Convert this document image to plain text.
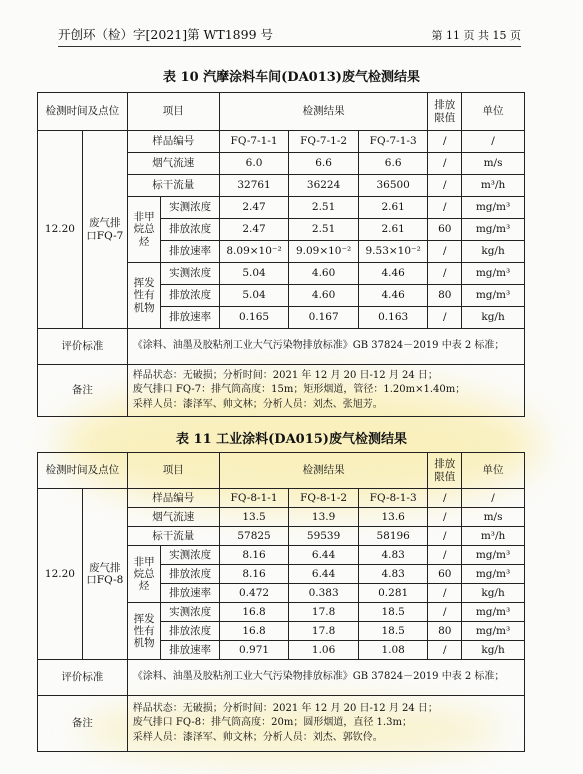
开创环（检）字[2021]第 WT1899 号	第 11 页 共 15 页
表 10 汽摩涂料车间(DA013)废气检测结果
检测时间及点位		项目		检测结果			排放限值	单位
12.20	废气排口FQ-7	样品编号		FQ-7-1-1	FQ-7-1-2	FQ-7-1-3	/	/
		烟气流速		6.0	6.6	6.6	/	m/s
		标干流量		32761	36224	36500	/	m³/h
		非甲烷总烃	实测浓度	2.47	2.51	2.61	/	mg/m³
			排放浓度	2.47	2.51	2.61	60	mg/m³
			排放速率	8.09×10⁻²	9.09×10⁻²	9.53×10⁻²	/	kg/h
		挥发性有机物	实测浓度	5.04	4.60	4.46	/	mg/m³
			排放浓度	5.04	4.60	4.46	80	mg/m³
			排放速率	0.165	0.167	0.163	/	kg/h
评价标准		《涂料、油墨及胶粘剂工业大气污染物排放标准》GB 37824－2019 中表 2 标准；						
备注		样品状态：无破损；分析时间：2021 年 12 月 20 日-12 月 24 日；
废气排口 FQ-7：排气筒高度：15m；矩形烟道，管径：1.20m×1.40m；
采样人员：漆泽军、帅文林；分析人员：刘杰、张旭芳。						
表 11 工业涂料(DA015)废气检测结果
检测时间及点位		项目		检测结果			排放限值	单位
12.20	废气排口FQ-8	样品编号		FQ-8-1-1	FQ-8-1-2	FQ-8-1-3	/	/
		烟气流速		13.5	13.9	13.6	/	m/s
		标干流量		57825	59539	58196	/	m³/h
		非甲烷总烃	实测浓度	8.16	6.44	4.83	/	mg/m³
			排放浓度	8.16	6.44	4.83	60	mg/m³
			排放速率	0.472	0.383	0.281	/	kg/h
		挥发性有机物	实测浓度	16.8	17.8	18.5	/	mg/m³
			排放浓度	16.8	17.8	18.5	80	mg/m³
			排放速率	0.971	1.06	1.08	/	kg/h
评价标准		《涂料、油墨及胶粘剂工业大气污染物排放标准》GB 37824－2019 中表 2 标准；						
备注		样品状态：无破损；分析时间：2021 年 12 月 20 日-12 月 24 日；
废气排口 FQ-8：排气筒高度：20m；圆形烟道，直径 1.3m；
采样人员：漆泽军、帅文林；分析人员：刘杰、郭钦伶。						
